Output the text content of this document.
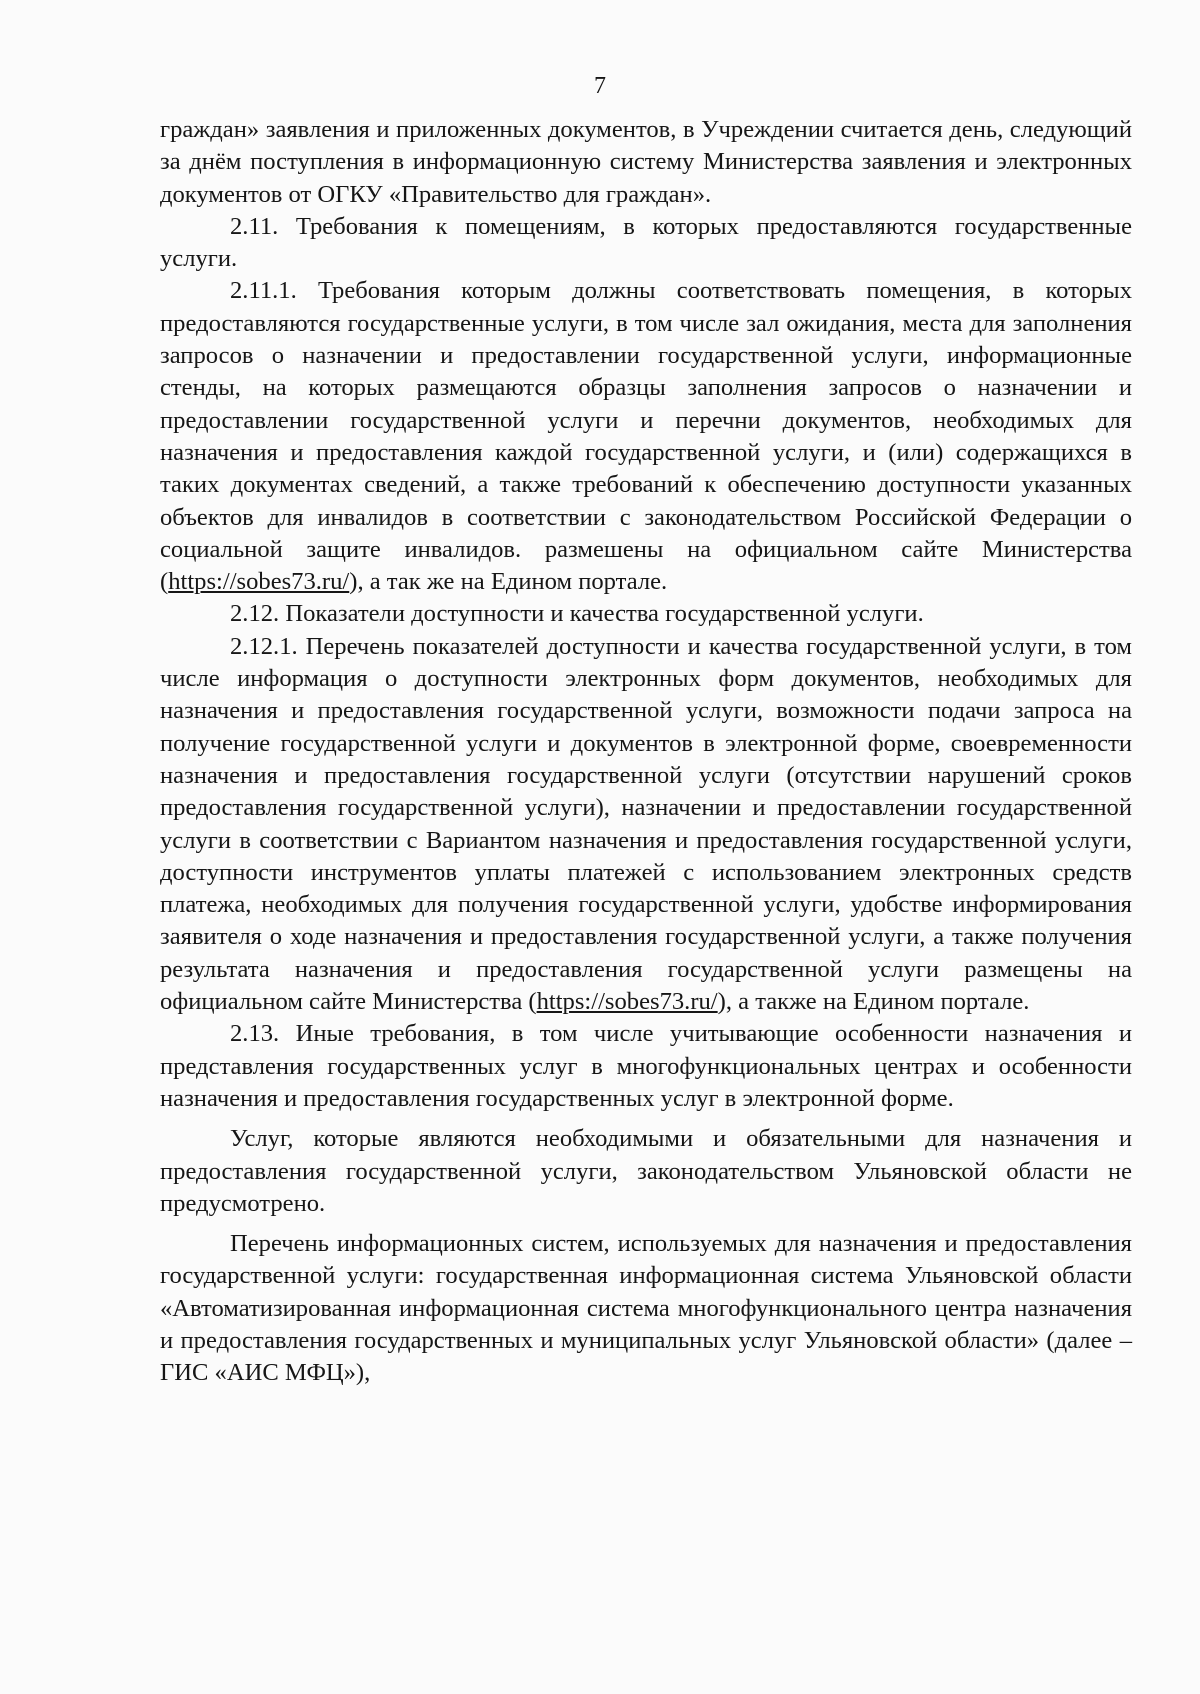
7

граждан» заявления и приложенных документов, в Учреждении считается день, следующий за днём поступления в информационную систему Министерства заявления и электронных документов от ОГКУ «Правительство для граждан».

2.11. Требования к помещениям, в которых предоставляются государственные услуги.

2.11.1. Требования которым должны соответствовать помещения, в которых предоставляются государственные услуги, в том числе зал ожидания, места для заполнения запросов о назначении и предоставлении государственной услуги, информационные стенды, на которых размещаются образцы заполнения запросов о назначении и предоставлении государственной услуги и перечни документов, необходимых для назначения и предоставления каждой государственной услуги, и (или) содержащихся в таких документах сведений, а также требований к обеспечению доступности указанных объектов для инвалидов в соответствии с законодательством Российской Федерации о социальной защите инвалидов. размешены на официальном сайте Министерства (https://sobes73.ru/), а так же на Едином портале.

2.12. Показатели доступности и качества государственной услуги.

2.12.1. Перечень показателей доступности и качества государственной услуги, в том числе информация о доступности электронных форм документов, необходимых для назначения и предоставления государственной услуги, возможности подачи запроса на получение государственной услуги и документов в электронной форме, своевременности назначения и предоставления государственной услуги (отсутствии нарушений сроков предоставления государственной услуги), назначении и предоставлении государственной услуги в соответствии с Вариантом назначения и предоставления государственной услуги, доступности инструментов уплаты платежей с использованием электронных средств платежа, необходимых для получения государственной услуги, удобстве информирования заявителя о ходе назначения и предоставления государственной услуги, а также получения результата назначения и предоставления государственной услуги размещены на официальном сайте Министерства (https://sobes73.ru/), а также на Едином портале.

2.13. Иные требования, в том числе учитывающие особенности назначения и представления государственных услуг в многофункциональных центрах и особенности назначения и предоставления государственных услуг в электронной форме.

Услуг, которые являются необходимыми и обязательными для назначения и предоставления государственной услуги, законодательством Ульяновской области не предусмотрено.

Перечень информационных систем, используемых для назначения и предоставления государственной услуги: государственная информационная система Ульяновской области «Автоматизированная информационная система многофункционального центра назначения и предоставления государственных и муниципальных услуг Ульяновской области» (далее – ГИС «АИС МФЦ»),
